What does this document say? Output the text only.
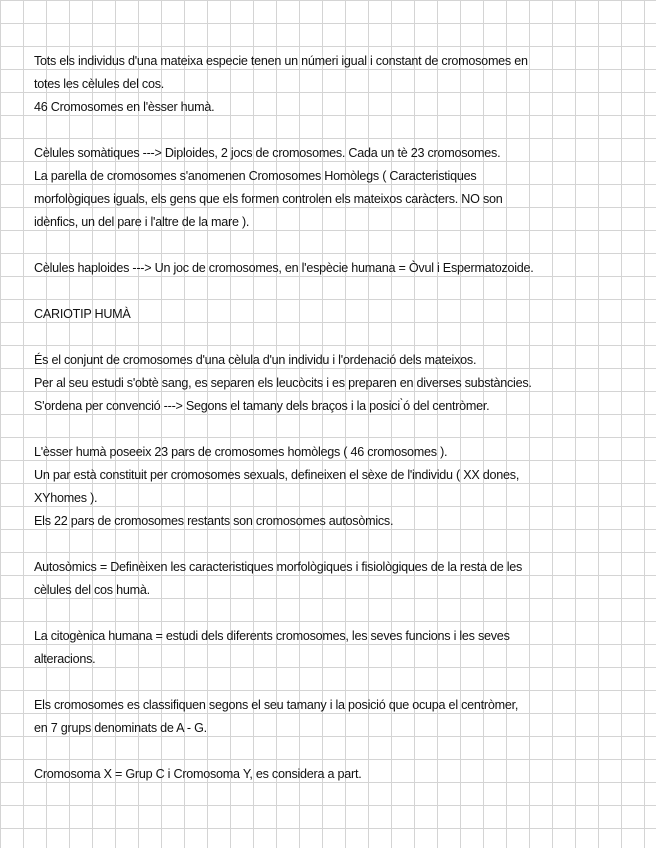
Tots els individus d'una mateixa especie tenen un númeri igual i constant de cromosomes en
totes les cèlules del cos.
46 Cromosomes en l'èsser humà.
Cèlules somàtiques ---> Diploides, 2 jocs de cromosomes. Cada un tè 23 cromosomes.
La parella de cromosomes s'anomenen Cromosomes Homòlegs ( Caracteristiques
morfològiques iguals, els gens que els formen controlen els mateixos caràcters. NO son
idènfics, un del pare i l'altre de la mare ).
Cèlules haploides ---> Un joc de cromosomes, en l'espècie humana = Òvul i Espermatozoide.
CARIOTIP HUMÀ
És el conjunt de cromosomes d'una cèlula d'un individu i l'ordenació dels mateixos.
Per al seu estudi s'obtè sang, es separen els leucòcits i es preparen en diverses substàncies.
S'ordena per convenció ---> Segons el tamany dels braços i la posici ̀ó del centròmer.
L'èsser humà poseeix 23 pars de cromosomes homòlegs ( 46 cromosomes ).
Un par està constituit per cromosomes sexuals, defineixen el sèxe de l'individu ( XX dones,
XYhomes ).
Els 22 pars de cromosomes restants son cromosomes autosòmics.
Autosòmics = Definèixen les caracteristiques morfològiques i fisiològiques de la resta de les
cèlules del cos humà.
La citogènica humana = estudi dels diferents cromosomes, les seves funcions i les seves
alteracions.
Els cromosomes es classifiquen segons el seu tamany i la posició que ocupa el centròmer,
en 7 grups denominats de A - G.
Cromosoma X = Grup C i Cromosoma Y, es considera a part.
